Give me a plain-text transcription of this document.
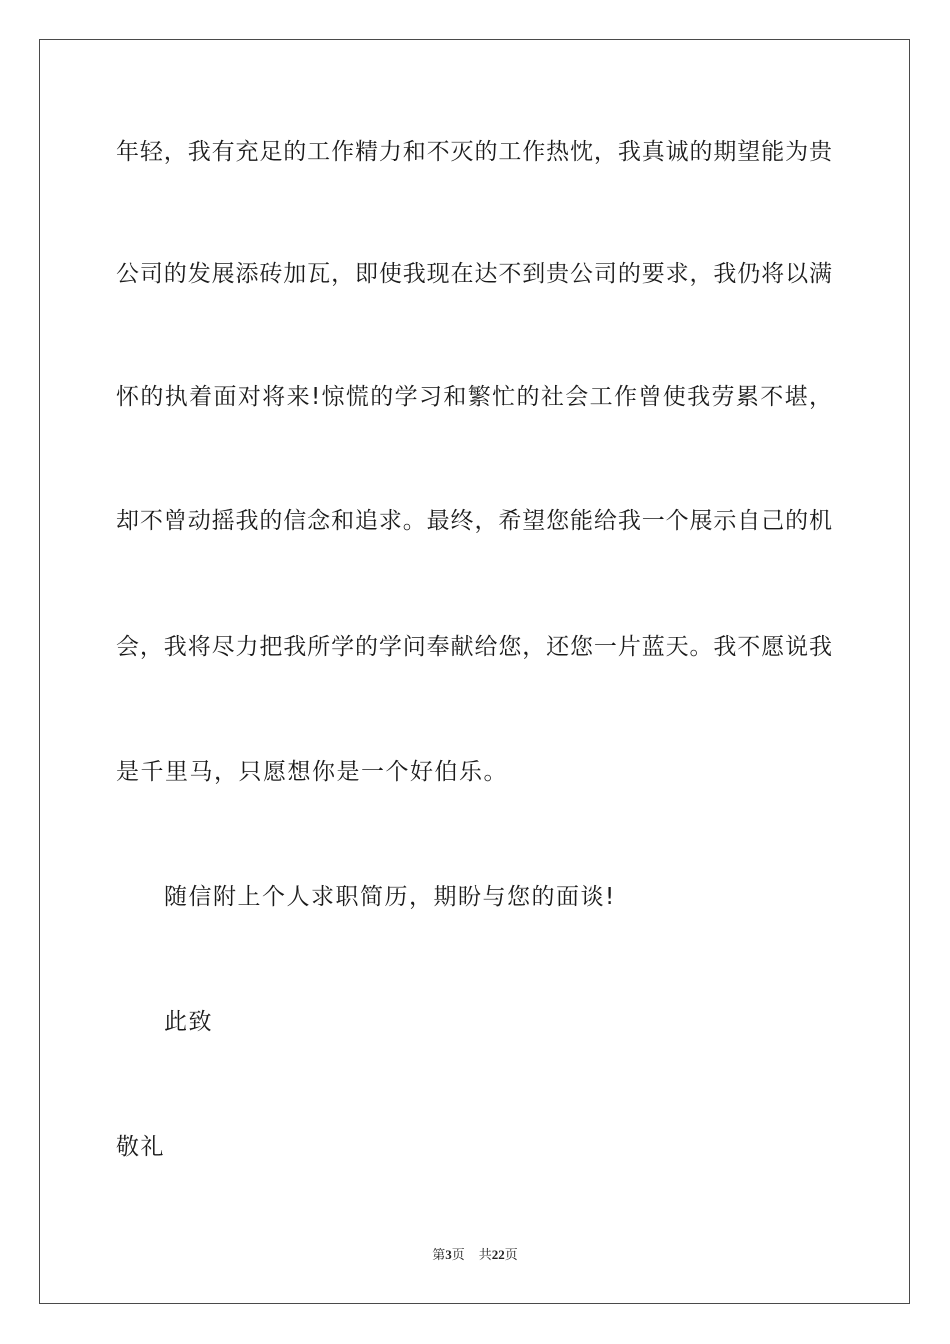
年轻，我有充足的工作精力和不灭的工作热忱，我真诚的期望能为贵
公司的发展添砖加瓦，即使我现在达不到贵公司的要求，我仍将以满
怀的执着面对将来!惊慌的学习和繁忙的社会工作曾使我劳累不堪，
却不曾动摇我的信念和追求。最终，希望您能给我一个展示自己的机
会，我将尽力把我所学的学问奉献给您，还您一片蓝天。我不愿说我
是千里马，只愿想你是一个好伯乐。
随信附上个人求职简历，期盼与您的面谈!
此致
敬礼
第3页 共22页
